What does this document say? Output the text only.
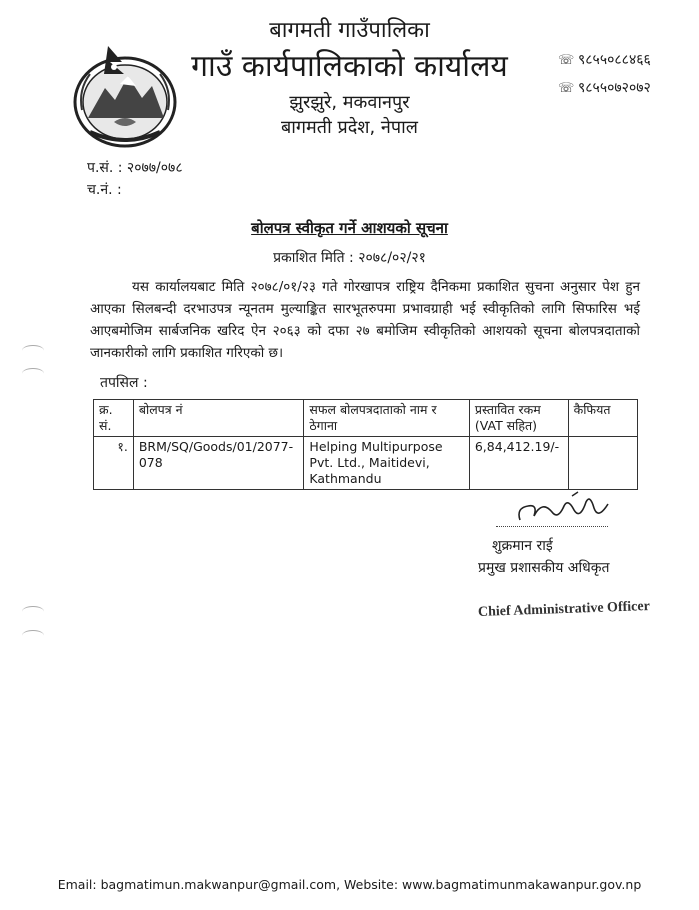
बागमती गाउँपालिका
गाउँ कार्यपालिकाको कार्यालय
झुरझुरे, मकवानपुर
बागमती प्रदेश, नेपाल
☏ ९८५५०८८४६६
☏ ९८५५०७२०७२
प.सं. : २०७७/०७८
च.नं. :
बोलपत्र स्वीकृत गर्ने आशयको सूचना
प्रकाशित मिति : २०७८/०२/२१
यस कार्यालयबाट मिति २०७८/०१/२३ गते गोरखापत्र राष्ट्रिय दैनिकमा प्रकाशित सुचना अनुसार पेश हुन आएका सिलबन्दी दरभाउपत्र न्यूनतम मुल्याङ्कित सारभूतरुपमा प्रभावग्राही भई स्वीकृतिको लागि सिफारिस भई आएबमोजिम सार्बजनिक खरिद ऐन २०६३ को दफा २७ बमोजिम स्वीकृतिको आशयको सूचना बोलपत्रदाताको जानकारीको लागि प्रकाशित गरिएको छ।
तपसिल :
क्र. सं.	बोलपत्र नं	सफल बोलपत्रदाताको नाम र ठेगाना	प्रस्तावित रकम (VAT सहित)	कैफियत
१.	BRM/SQ/Goods/01/2077-078	Helping Multipurpose Pvt. Ltd., Maitidevi, Kathmandu	6,84,412.19/-	
शुक्रमान राई
प्रमुख प्रशासकीय अधिकृत
Chief Administrative Officer
Email: bagmatimun.makwanpur@gmail.com, Website: www.bagmatimunmakawanpur.gov.np
